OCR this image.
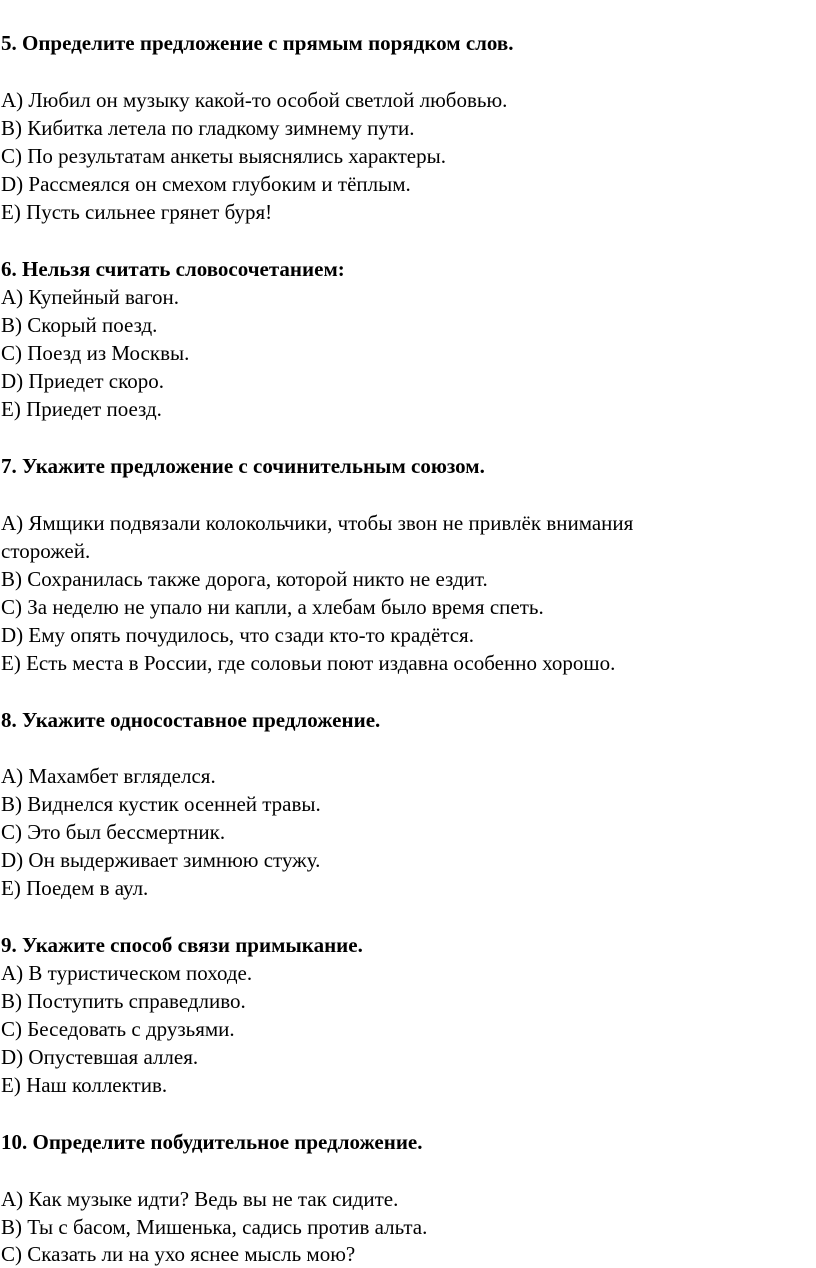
5. Определите предложение с прямым порядком слов.
A) Любил он музыку какой-то особой светлой любовью.
B) Кибитка летела по гладкому зимнему пути.
C) По результатам анкеты выяснялись характеры.
D) Рассмеялся он смехом глубоким и тёплым.
E) Пусть сильнее грянет буря!
6. Нельзя считать словосочетанием:
A) Купейный вагон.
B) Скорый поезд.
C) Поезд из Москвы.
D) Приедет скоро.
E) Приедет поезд.
7. Укажите предложение с сочинительным союзом.
A) Ямщики подвязали колокольчики, чтобы звон не привлёк внимания
сторожей.
B) Сохранилась также дорога, которой никто не ездит.
C) За неделю не упало ни капли, а хлебам было время спеть.
D) Ему опять почудилось, что сзади кто-то крадётся.
E) Есть места в России, где соловьи поют издавна особенно хорошо.
8. Укажите односоставное предложение.
A) Махамбет вгляделся.
B) Виднелся кустик осенней травы.
C) Это был бессмертник.
D) Он выдерживает зимнюю стужу.
E) Поедем в аул.
9. Укажите способ связи примыкание.
A) В туристическом походе.
B) Поступить справедливо.
C) Беседовать с друзьями.
D) Опустевшая аллея.
E) Наш коллектив.
10. Определите побудительное предложение.
A) Как музыке идти? Ведь вы не так сидите.
B) Ты с басом, Мишенька, садись против альта.
C) Сказать ли на ухо яснее мысль мою?
